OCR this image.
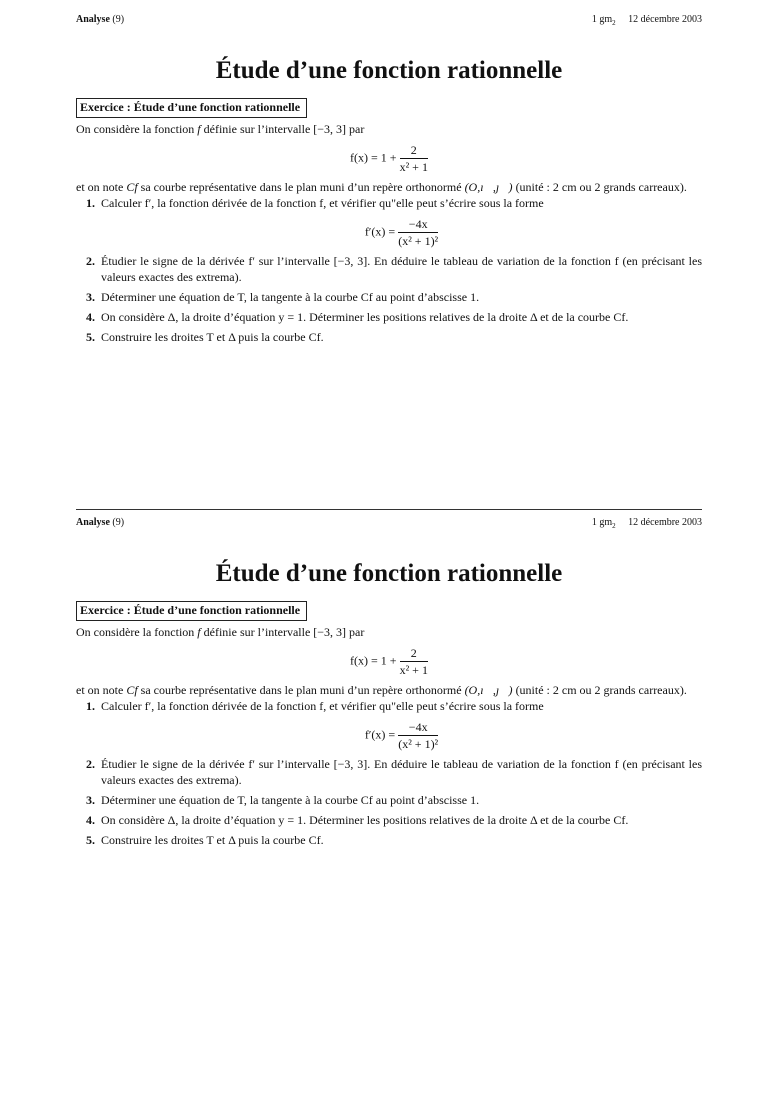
Analyse (9)	1 $gm_2$ 12 décembre 2003
Étude d’une fonction rationnelle
Exercice : Étude d’une fonction rationnelle

On considère la fonction f définie sur l’intervalle [−3, 3] par

$f(x) = 1 + \frac{2}{\text{x² + 1}}$

et on note Cf sa courbe représentative dans le plan muni d’un repère orthonormé (O,ı⃗,ȷ⃗) (unité : 2 cm ou 2 grands carreaux).

1. Calculer f′, la fonction dérivée de la fonction f, et vérifier qu"elle peut s’écrire sous la forme
$f'(x) = \frac{-4x}{\text{(x² + 1)²}}$
2. Étudier le signe de la dérivée f′ sur l’intervalle [−3, 3]. En déduire le tableau de variation de la fonction f (en précisant les valeurs exactes des extrema).
3. Déterminer une équation de T, la tangente à la courbe Cf au point d’abscisse 1.
4. On considère Δ, la droite d’équation y = 1. Déterminer les positions relatives de la droite Δ et de la courbe Cf.
5. Construire les droites T et Δ puis la courbe Cf.
Analyse (9)	1 $gm_2$ 12 décembre 2003
Étude d’une fonction rationnelle
Exercice : Étude d’une fonction rationnelle

On considère la fonction f définie sur l’intervalle [−3, 3] par

$f(x) = 1 + \frac{2}{\text{x² + 1}}$

et on note Cf sa courbe représentative dans le plan muni d’un repère orthonormé (O,ı⃗,ȷ⃗) (unité : 2 cm ou 2 grands carreaux).

1. Calculer f′, la fonction dérivée de la fonction f, et vérifier qu"elle peut s’écrire sous la forme
$f'(x) = \frac{-4x}{\text{(x² + 1)²}}$
2. Étudier le signe de la dérivée f′ sur l’intervalle [−3, 3]. En déduire le tableau de variation de la fonction f (en précisant les valeurs exactes des extrema).
3. Déterminer une équation de T, la tangente à la courbe Cf au point d’abscisse 1.
4. On considère Δ, la droite d’équation y = 1. Déterminer les positions relatives de la droite Δ et de la courbe Cf.
5. Construire les droites T et Δ puis la courbe Cf.
